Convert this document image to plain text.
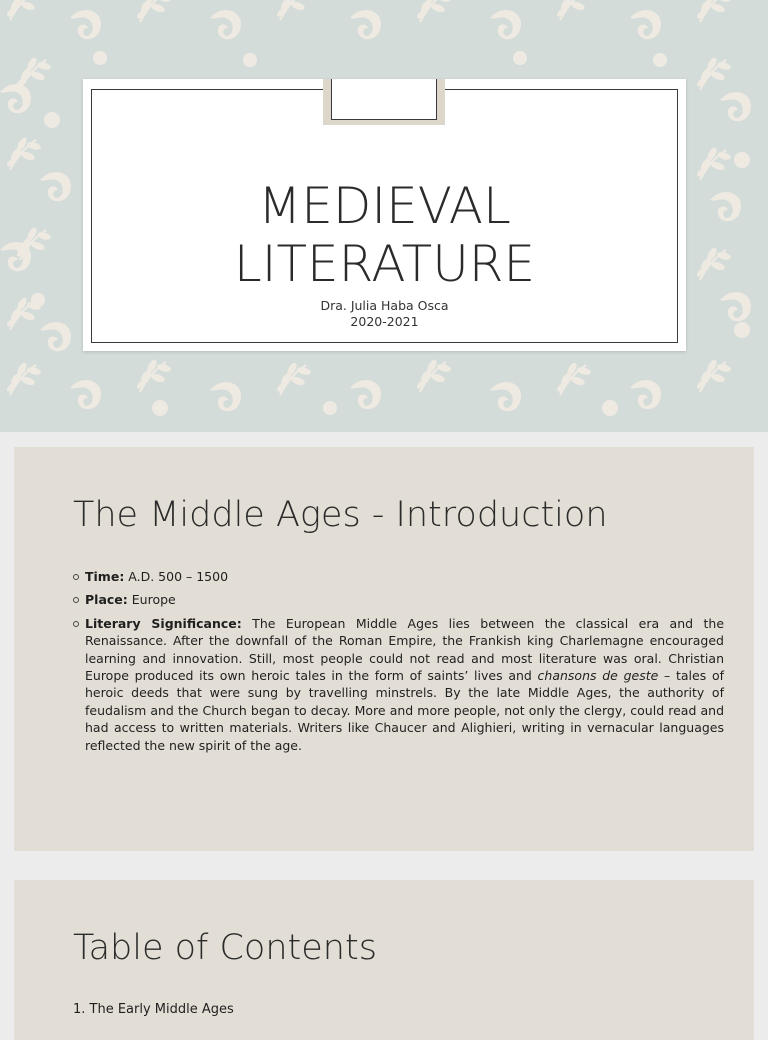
MEDIEVAL
LITERATURE
Dra. Julia Haba Osca
2020-2021
The Middle Ages - Introduction
Time: A.D. 500 – 1500
Place: Europe
Literary Significance: The European Middle Ages lies between the classical era and the Renaissance. After the downfall of the Roman Empire, the Frankish king Charlemagne encouraged learning and innovation. Still, most people could not read and most literature was oral. Christian Europe produced its own heroic tales in the form of saints’ lives and chansons de geste – tales of heroic deeds that were sung by travelling minstrels. By the late Middle Ages, the authority of feudalism and the Church began to decay. More and more people, not only the clergy, could read and had access to written materials. Writers like Chaucer and Alighieri, writing in vernacular languages reflected the new spirit of the age.
Table of Contents
1. The Early Middle Ages
